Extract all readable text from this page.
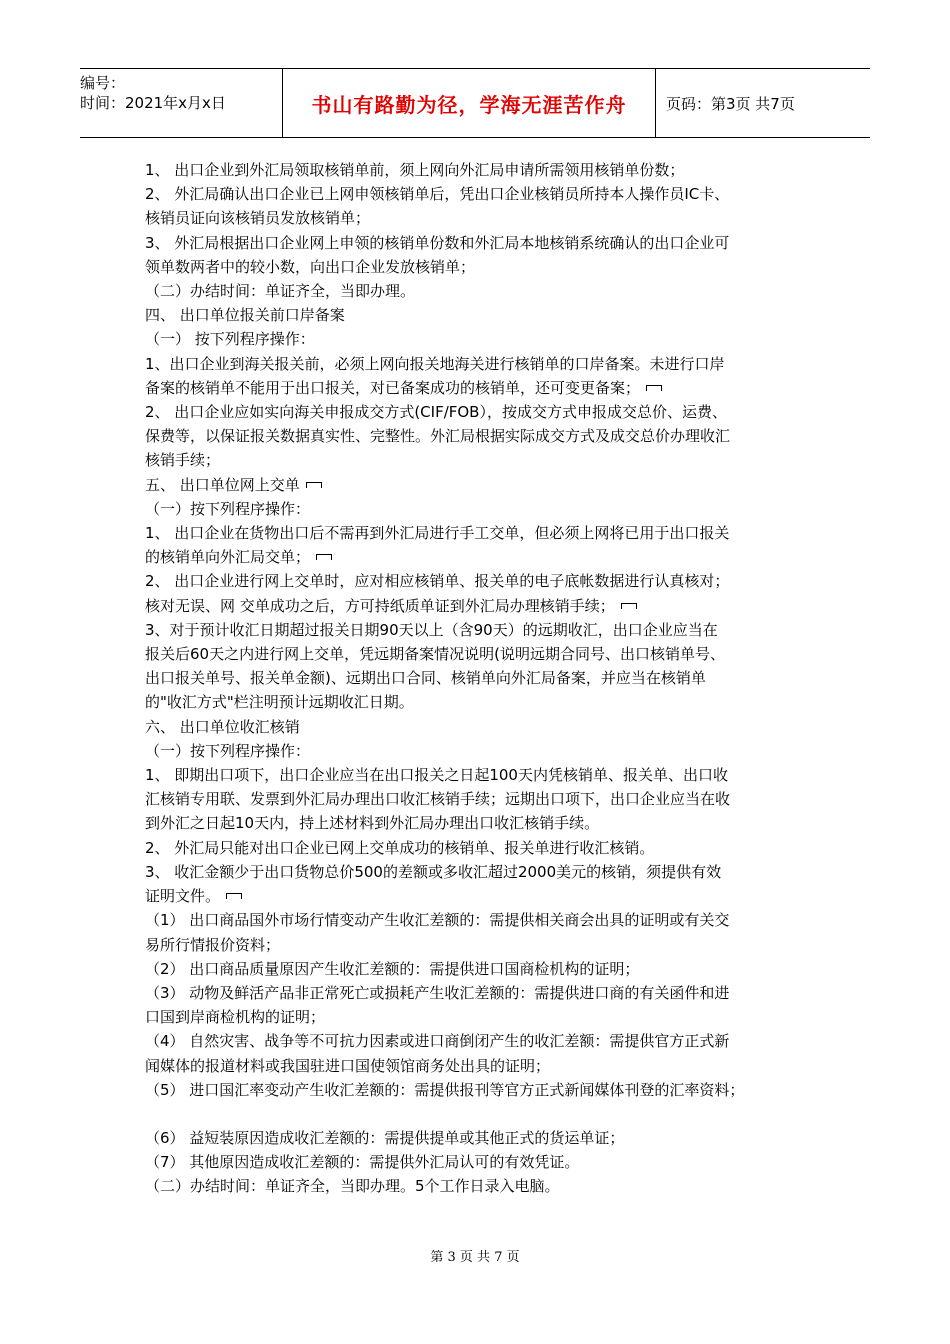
编号：
时间：2021年x月x日	书山有路勤为径，学海无涯苦作舟	页码：第3页 共7页
1、 出口企业到外汇局领取核销单前，须上网向外汇局申请所需领用核销单份数；
2、 外汇局确认出口企业已上网申领核销单后，凭出口企业核销员所持本人操作员IC卡、
核销员证向该核销员发放核销单；
3、 外汇局根据出口企业网上申领的核销单份数和外汇局本地核销系统确认的出口企业可
领单数两者中的较小数，向出口企业发放核销单；
（二）办结时间：单证齐全，当即办理。
四、 出口单位报关前口岸备案
（一） 按下列程序操作：
1、出口企业到海关报关前，必须上网向报关地海关进行核销单的口岸备案。未进行口岸
备案的核销单不能用于出口报关，对已备案成功的核销单，还可变更备案；
2、 出口企业应如实向海关申报成交方式(CIF/FOB），按成交方式申报成交总价、运费、
保费等，以保证报关数据真实性、完整性。外汇局根据实际成交方式及成交总价办理收汇
核销手续；
五、 出口单位网上交单
（一）按下列程序操作：
1、 出口企业在货物出口后不需再到外汇局进行手工交单，但必须上网将已用于出口报关
的核销单向外汇局交单；
2、 出口企业进行网上交单时，应对相应核销单、报关单的电子底帐数据进行认真核对；
核对无误、网 交单成功之后，方可持纸质单证到外汇局办理核销手续；
3、对于预计收汇日期超过报关日期90天以上（含90天）的远期收汇，出口企业应当在
报关后60天之内进行网上交单，凭远期备案情况说明(说明远期合同号、出口核销单号、
出口报关单号、报关单金额)、远期出口合同、核销单向外汇局备案，并应当在核销单
的"收汇方式"栏注明预计远期收汇日期。
六、 出口单位收汇核销
（一）按下列程序操作：
1、 即期出口项下，出口企业应当在出口报关之日起100天内凭核销单、报关单、出口收
汇核销专用联、发票到外汇局办理出口收汇核销手续；远期出口项下，出口企业应当在收
到外汇之日起10天内，持上述材料到外汇局办理出口收汇核销手续。
2、 外汇局只能对出口企业已网上交单成功的核销单、报关单进行收汇核销。
3、 收汇金额少于出口货物总价500的差额或多收汇超过2000美元的核销，须提供有效
证明文件。
（1） 出口商品国外市场行情变动产生收汇差额的：需提供相关商会出具的证明或有关交
易所行情报价资料；
（2） 出口商品质量原因产生收汇差额的：需提供进口国商检机构的证明；
（3） 动物及鲜活产品非正常死亡或损耗产生收汇差额的：需提供进口商的有关函件和进
口国到岸商检机构的证明；
（4） 自然灾害、战争等不可抗力因素或进口商倒闭产生的收汇差额：需提供官方正式新
闻媒体的报道材料或我国驻进口国使领馆商务处出具的证明；
（5） 进口国汇率变动产生收汇差额的：需提供报刊等官方正式新闻媒体刊登的汇率资料；
（6） 益短装原因造成收汇差额的：需提供提单或其他正式的货运单证；
（7） 其他原因造成收汇差额的：需提供外汇局认可的有效凭证。
（二）办结时间：单证齐全，当即办理。5个工作日录入电脑。
第 3 页 共 7 页
